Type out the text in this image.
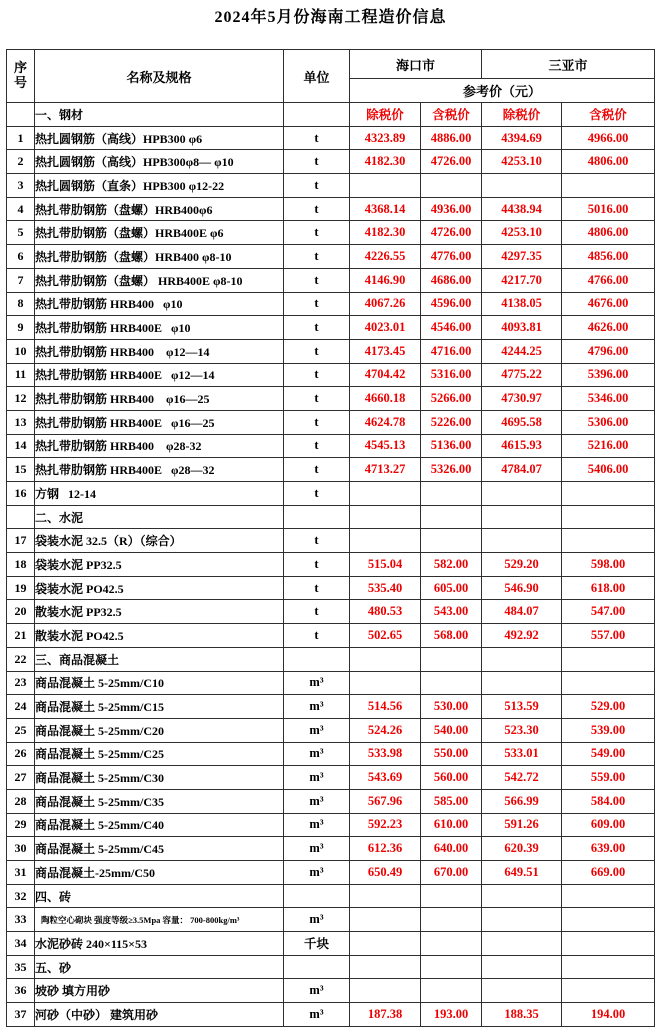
2024年5月份海南工程造价信息
序
号	名称及规格	单位	海口市		三亚市	
			参考价（元）			
	一、钢材		除税价	含税价	除税价	含税价
1	热扎圆钢筋（高线）HPB300 φ6	t	4323.89	4886.00	4394.69	4966.00
2	热扎圆钢筋（高线）HPB300φ8— φ10	t	4182.30	4726.00	4253.10	4806.00
3	热扎圆钢筋（直条）HPB300 φ12-22	t				
4	热扎带肋钢筋（盘螺）HRB400φ6	t	4368.14	4936.00	4438.94	5016.00
5	热扎带肋钢筋（盘螺）HRB400E φ6	t	4182.30	4726.00	4253.10	4806.00
6	热扎带肋钢筋（盘螺）HRB400 φ8-10	t	4226.55	4776.00	4297.35	4856.00
7	热扎带肋钢筋（盘螺） HRB400E φ8-10	t	4146.90	4686.00	4217.70	4766.00
8	热扎带肋钢筋 HRB400   φ10	t	4067.26	4596.00	4138.05	4676.00
9	热扎带肋钢筋 HRB400E   φ10	t	4023.01	4546.00	4093.81	4626.00
10	热扎带肋钢筋 HRB400    φ12—14	t	4173.45	4716.00	4244.25	4796.00
11	热扎带肋钢筋 HRB400E   φ12—14	t	4704.42	5316.00	4775.22	5396.00
12	热扎带肋钢筋 HRB400    φ16—25	t	4660.18	5266.00	4730.97	5346.00
13	热扎带肋钢筋 HRB400E   φ16—25	t	4624.78	5226.00	4695.58	5306.00
14	热扎带肋钢筋 HRB400    φ28-32	t	4545.13	5136.00	4615.93	5216.00
15	热扎带肋钢筋 HRB400E   φ28—32	t	4713.27	5326.00	4784.07	5406.00
16	方钢   12-14	t				
	二、水泥					
17	袋装水泥 32.5（R）（综合）	t				
18	袋装水泥 PP32.5	t	515.04	582.00	529.20	598.00
19	袋装水泥 PO42.5	t	535.40	605.00	546.90	618.00
20	散装水泥 PP32.5	t	480.53	543.00	484.07	547.00
21	散装水泥 PO42.5	t	502.65	568.00	492.92	557.00
22	三、商品混凝土					
23	商品混凝土 5-25mm/C10	m³				
24	商品混凝土 5-25mm/C15	m³	514.56	530.00	513.59	529.00
25	商品混凝土 5-25mm/C20	m³	524.26	540.00	523.30	539.00
26	商品混凝土 5-25mm/C25	m³	533.98	550.00	533.01	549.00
27	商品混凝土 5-25mm/C30	m³	543.69	560.00	542.72	559.00
28	商品混凝土 5-25mm/C35	m³	567.96	585.00	566.99	584.00
29	商品混凝土 5-25mm/C40	m³	592.23	610.00	591.26	609.00
30	商品混凝土 5-25mm/C45	m³	612.36	640.00	620.39	639.00
31	商品混凝土-25mm/C50	m³	650.49	670.00	649.51	669.00
32	四、砖					
33	陶粒空心砌块 强度等级≥3.5Mpa 容量： 700-800kg/m³	m³				
34	水泥砂砖 240×115×53	千块				
35	五、砂					
36	坡砂 填方用砂	m³				
37	河砂（中砂） 建筑用砂	m³	187.38	193.00	188.35	194.00
